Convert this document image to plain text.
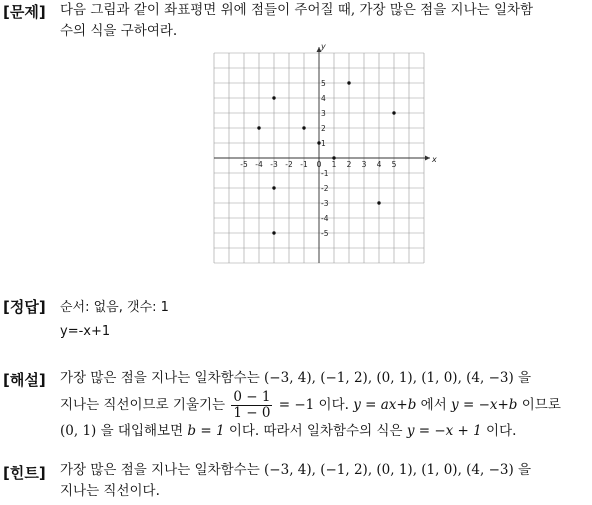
[문제] 다음 그림과 같이 좌표평면 위에 점들이 주어질 때, 가장 많은 점을 지나는 일차함
수의 식을 구하여라.
x
y
-5 -4 -3 -2 -1 0 1 2 3 4 5
1
2
3
4
5
-1
-2
-3
-4
-5
[정답] 순서: 없음, 갯수: 1
y=-x+1
[해설] 가장 많은 점을 지나는 일차함수는 (−3, 4), (−1, 2), (0, 1), (1, 0), (4, −3) 을
지나는 직선이므로 기울기는 $\frac{0 - 1}{1 - 0} = -1$ 이다. y = ax+b 에서 y = −x+b 이므로
(0, 1) 을 대입해보면 b = 1 이다. 따라서 일차함수의 식은 y = −x + 1 이다.
[힌트] 가장 많은 점을 지나는 일차함수는 (−3, 4), (−1, 2), (0, 1), (1, 0), (4, −3) 을
지나는 직선이다.
